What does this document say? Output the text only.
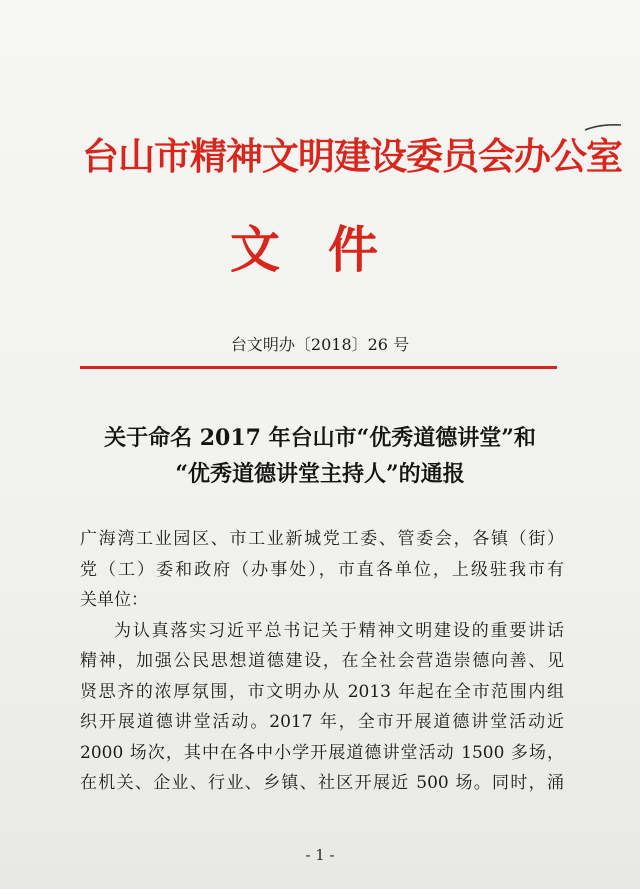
台山市精神文明建设委员会办公室
文件
台文明办〔2018〕26 号
关于命名 2017 年台山市“优秀道德讲堂”和
“优秀道德讲堂主持人”的通报
广海湾工业园区、市工业新城党工委、管委会，各镇（街）
党（工）委和政府（办事处），市直各单位，上级驻我市有
关单位：
为认真落实习近平总书记关于精神文明建设的重要讲话
精神，加强公民思想道德建设，在全社会营造崇德向善、见
贤思齐的浓厚氛围，市文明办从 2013 年起在全市范围内组
织开展道德讲堂活动。2017 年，全市开展道德讲堂活动近
2000 场次，其中在各中小学开展道德讲堂活动 1500 多场，
在机关、企业、行业、乡镇、社区开展近 500 场。同时，涌
- 1 -
